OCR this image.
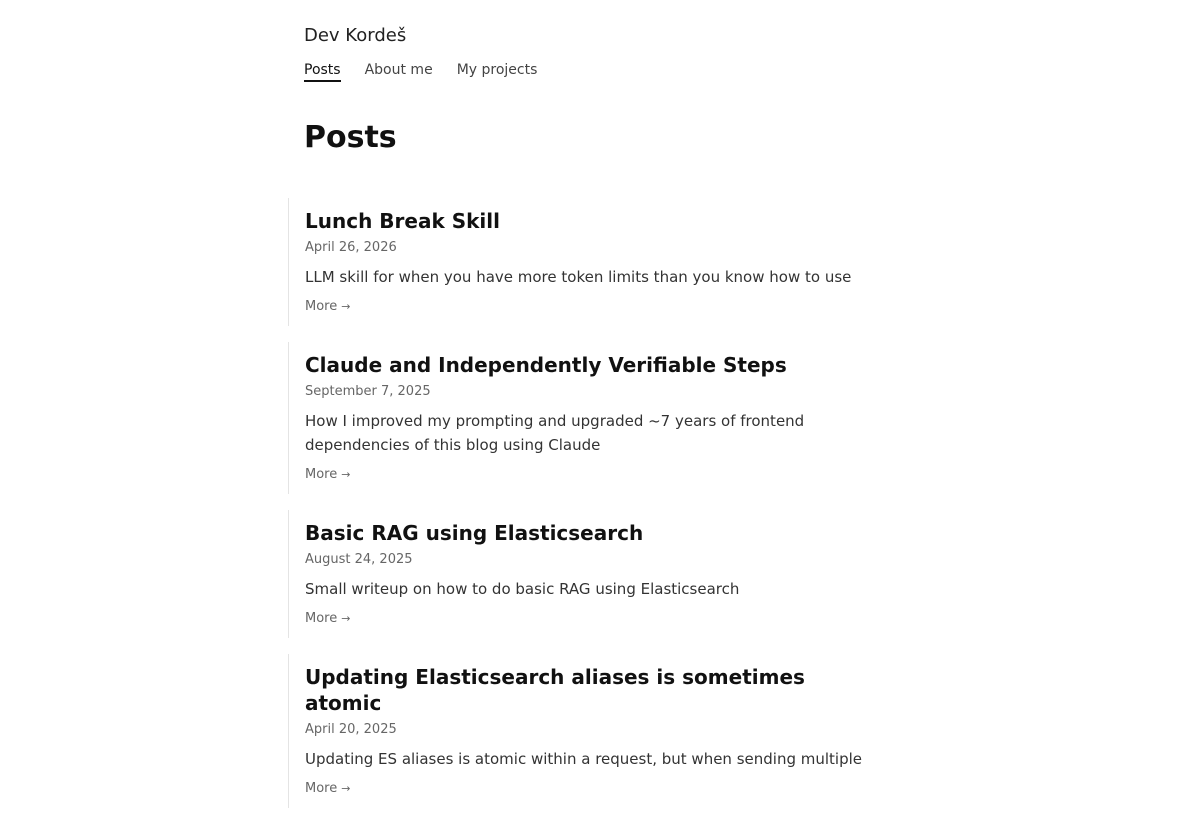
Dev Kordeš
Posts About me My projects
Posts
Lunch Break Skill
April 26, 2026
LLM skill for when you have more token limits than you know how to use
More →
Claude and Independently Verifiable Steps
September 7, 2025
How I improved my prompting and upgraded ~7 years of frontend dependencies of this blog using Claude
More →
Basic RAG using Elasticsearch
August 24, 2025
Small writeup on how to do basic RAG using Elasticsearch
More →
Updating Elasticsearch aliases is sometimes atomic
April 20, 2025
Updating ES aliases is atomic within a request, but when sending multiple
More →
